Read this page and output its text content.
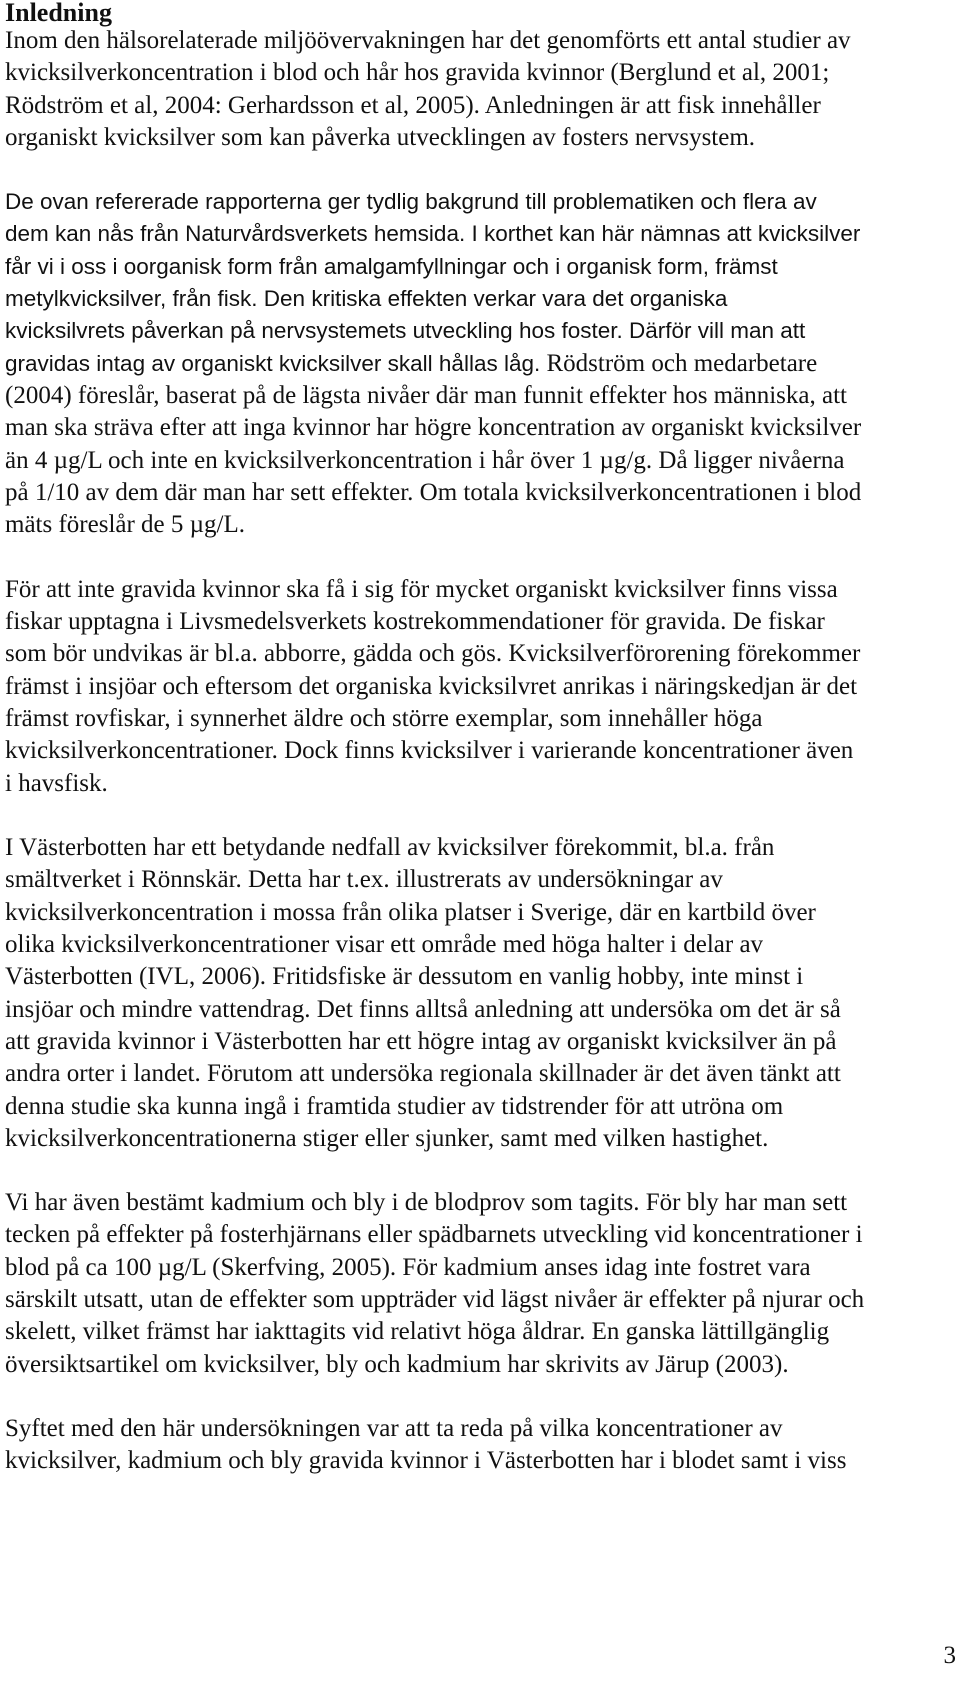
Inledning
Inom den hälsorelaterade miljöövervakningen har det genomförts ett antal studier av
kvicksilverkoncentration i blod och hår hos gravida kvinnor (Berglund et al, 2001;
Rödström et al, 2004: Gerhardsson et al, 2005). Anledningen är att fisk innehåller
organiskt kvicksilver som kan påverka utvecklingen av fosters nervsystem.
De ovan refererade rapporterna ger tydlig bakgrund till problematiken och flera av
dem kan nås från Naturvårdsverkets hemsida. I korthet kan här nämnas att kvicksilver
får vi i oss i oorganisk form från amalgamfyllningar och i organisk form, främst
metylkvicksilver, från fisk. Den kritiska effekten verkar vara det organiska
kvicksilvrets påverkan på nervsystemets utveckling hos foster. Därför vill man att
gravidas intag av organiskt kvicksilver skall hållas låg. Rödström och medarbetare
(2004) föreslår, baserat på de lägsta nivåer där man funnit effekter hos människa, att
man ska sträva efter att inga kvinnor har högre koncentration av organiskt kvicksilver
än 4 µg/L och inte en kvicksilverkoncentration i hår över 1 µg/g. Då ligger nivåerna
på 1/10 av dem där man har sett effekter. Om totala kvicksilverkoncentrationen i blod
mäts föreslår de 5 µg/L.
För att inte gravida kvinnor ska få i sig för mycket organiskt kvicksilver finns vissa
fiskar upptagna i Livsmedelsverkets kostrekommendationer för gravida. De fiskar
som bör undvikas är bl.a. abborre, gädda och gös. Kvicksilverförorening förekommer
främst i insjöar och eftersom det organiska kvicksilvret anrikas i näringskedjan är det
främst rovfiskar, i synnerhet äldre och större exemplar, som innehåller höga
kvicksilverkoncentrationer. Dock finns kvicksilver i varierande koncentrationer även
i havsfisk.
I Västerbotten har ett betydande nedfall av kvicksilver förekommit, bl.a. från
smältverket i Rönnskär. Detta har t.ex. illustrerats av undersökningar av
kvicksilverkoncentration i mossa från olika platser i Sverige, där en kartbild över
olika kvicksilverkoncentrationer visar ett område med höga halter i delar av
Västerbotten (IVL, 2006). Fritidsfiske är dessutom en vanlig hobby, inte minst i
insjöar och mindre vattendrag. Det finns alltså anledning att undersöka om det är så
att gravida kvinnor i Västerbotten har ett högre intag av organiskt kvicksilver än på
andra orter i landet. Förutom att undersöka regionala skillnader är det även tänkt att
denna studie ska kunna ingå i framtida studier av tidstrender för att utröna om
kvicksilverkoncentrationerna stiger eller sjunker, samt med vilken hastighet.
Vi har även bestämt kadmium och bly i de blodprov som tagits. För bly har man sett
tecken på effekter på fosterhjärnans eller spädbarnets utveckling vid koncentrationer i
blod på ca 100 µg/L (Skerfving, 2005). För kadmium anses idag inte fostret vara
särskilt utsatt, utan de effekter som uppträder vid lägst nivåer är effekter på njurar och
skelett, vilket främst har iakttagits vid relativt höga åldrar. En ganska lättillgänglig
översiktsartikel om kvicksilver, bly och kadmium har skrivits av Järup (2003).
Syftet med den här undersökningen var att ta reda på vilka koncentrationer av
kvicksilver, kadmium och bly gravida kvinnor i Västerbotten har i blodet samt i viss
3
